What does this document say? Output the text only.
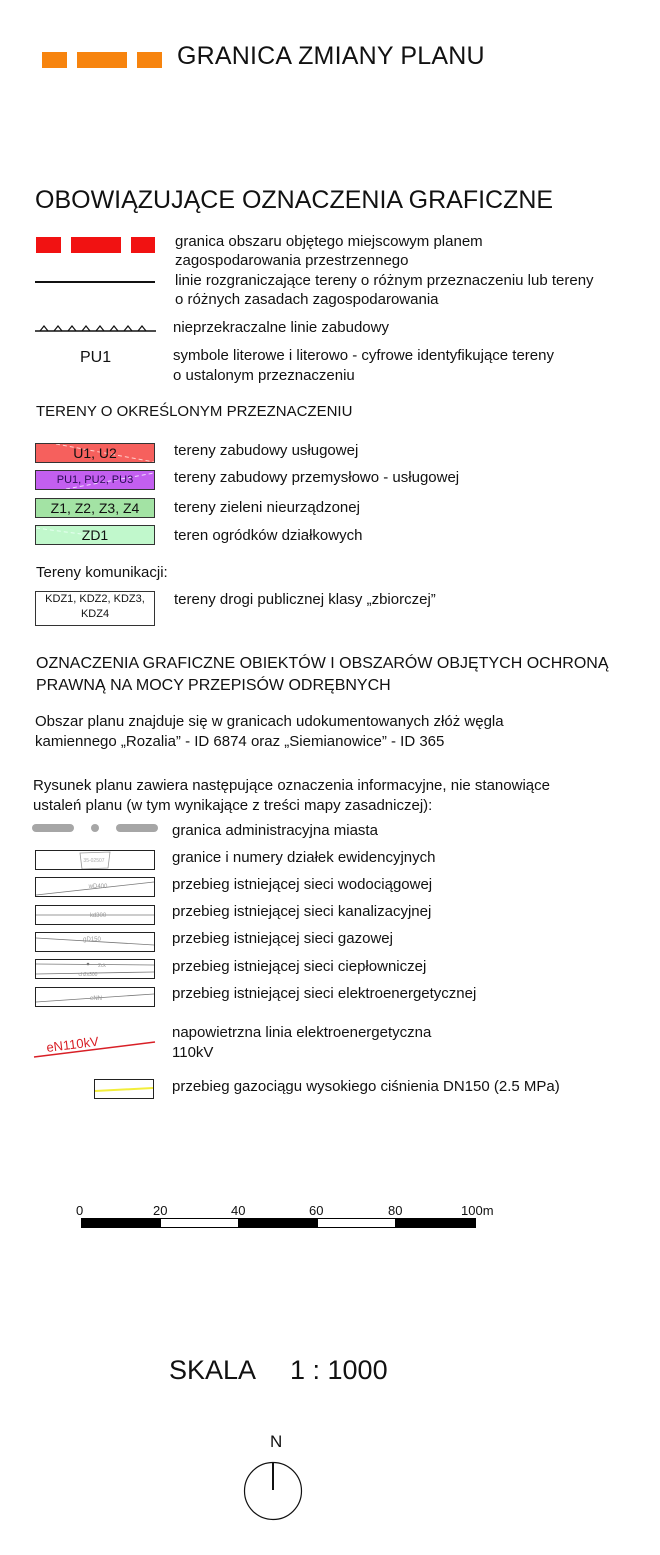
GRANICA ZMIANY PLANU
OBOWIĄZUJĄCE OZNACZENIA GRAFICZNE
granica obszaru objętego miejscowym planem
zagospodarowania przestrzennego
linie rozgraniczające tereny o różnym przeznaczeniu lub tereny
o różnych zasadach zagospodarowania
nieprzekraczalne linie zabudowy
PU1	symbole literowe i literowo - cyfrowe identyfikujące tereny
o ustalonym przeznaczeniu
TERENY O OKREŚLONYM PRZEZNACZENIU
U1, U2	tereny zabudowy usługowej
PU1, PU2, PU3	tereny zabudowy przemysłowo - usługowej
Z1, Z2, Z3, Z4	tereny zieleni nieurządzonej
ZD1	teren ogródków działkowych
Tereny komunikacji:
KDZ1, KDZ2, KDZ3,
KDZ4
tereny drogi publicznej klasy „zbiorczej”
OZNACZENIA GRAFICZNE OBIEKTÓW I OBSZARÓW OBJĘTYCH OCHRONĄ
PRAWNĄ NA MOCY PRZEPISÓW ODRĘBNYCH
Obszar planu znajduje się w granicach udokumentowanych złóż węgla
kamiennego „Rozalia” - ID 6874 oraz „Siemianowice” - ID 365
Rysunek planu zawiera następujące oznaczenia informacyjne, nie stanowiące
ustaleń planu (w tym wynikające z treści mapy zasadniczej):
granica administracyjna miasta
35-02507	granice i numery działek ewidencyjnych
wD400	przebieg istniejącej sieci wodociągowej
kd300	przebieg istniejącej sieci kanalizacyjnej
gD150	przebieg istniejącej sieci gazowej
2ck
ch2x300	przebieg istniejącej sieci ciepłowniczej
eNN	przebieg istniejącej sieci elektroenergetycznej
eN110kV
napowietrzna linia elektroenergetyczna
110kV
przebieg gazociągu wysokiego ciśnienia DN150 (2.5 MPa)
0	20	40	60	80	100m
SKALA 1 : 1000
N
